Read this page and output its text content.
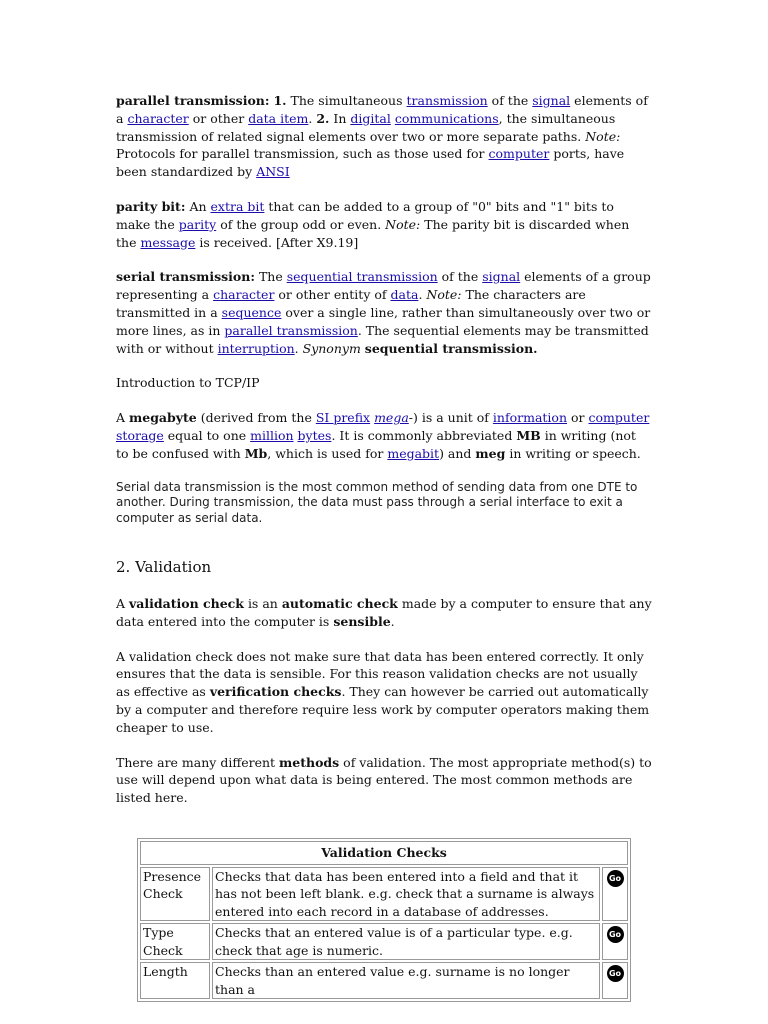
parallel transmission: 1. The simultaneous transmission of the signal elements of a character or other data item. 2. In digital communications, the simultaneous transmission of related signal elements over two or more separate paths. Note: Protocols for parallel transmission, such as those used for computer ports, have been standardized by ANSI

parity bit: An extra bit that can be added to a group of "0" bits and "1" bits to make the parity of the group odd or even. Note: The parity bit is discarded when the message is received. [After X9.19]

serial transmission: The sequential transmission of the signal elements of a group representing a character or other entity of data. Note: The characters are transmitted in a sequence over a single line, rather than simultaneously over two or more lines, as in parallel transmission. The sequential elements may be transmitted with or without interruption. Synonym sequential transmission.

Introduction to TCP/IP

A megabyte (derived from the SI prefix mega-) is a unit of information or computer storage equal to one million bytes. It is commonly abbreviated MB in writing (not to be confused with Mb, which is used for megabit) and meg in writing or speech.

Serial data transmission is the most common method of sending data from one DTE to another. During transmission, the data must pass through a serial interface to exit a computer as serial data.

2. Validation

A validation check is an automatic check made by a computer to ensure that any data entered into the computer is sensible.

A validation check does not make sure that data has been entered correctly. It only ensures that the data is sensible. For this reason validation checks are not usually as effective as verification checks. They can however be carried out automatically by a computer and therefore require less work by computer operators making them cheaper to use.

There are many different methods of validation. The most appropriate method(s) to use will depend upon what data is being entered. The most common methods are listed here.

Validation Checks		
Presence Check	Checks that data has been entered into a field and that it has not been left blank. e.g. check that a surname is always entered into each record in a database of addresses.	Go
Type Check	Checks that an entered value is of a particular type. e.g. check that age is numeric.	Go
Length	Checks than an entered value e.g. surname is no longer than a	Go
